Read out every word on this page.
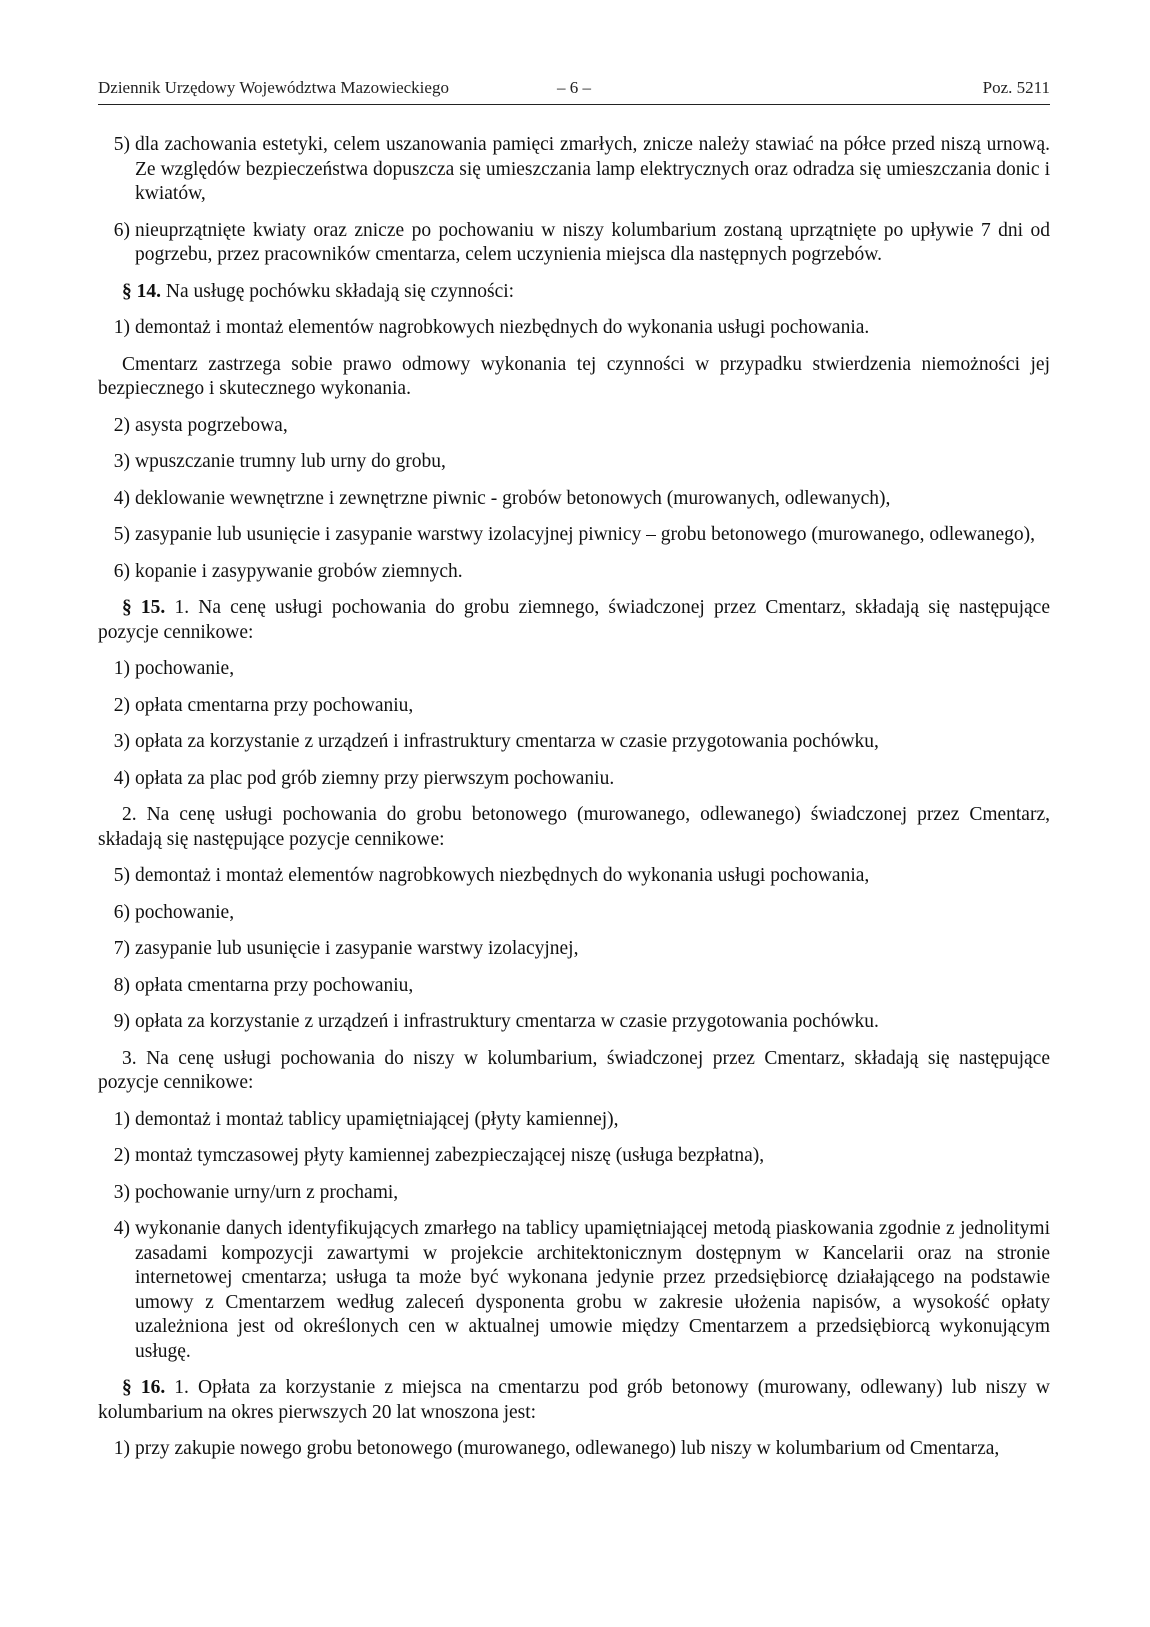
Dziennik Urzędowy Województwa Mazowieckiego	– 6 –	Poz. 5211
5) dla zachowania estetyki, celem uszanowania pamięci zmarłych, znicze należy stawiać na półce przed niszą urnową. Ze względów bezpieczeństwa dopuszcza się umieszczania lamp elektrycznych oraz odradza się umieszczania donic i kwiatów,
6) nieuprzątnięte kwiaty oraz znicze po pochowaniu w niszy kolumbarium zostaną uprzątnięte po upływie 7 dni od pogrzebu, przez pracowników cmentarza, celem uczynienia miejsca dla następnych pogrzebów.

§ 14. Na usługę pochówku składają się czynności:

1) demontaż i montaż elementów nagrobkowych niezbędnych do wykonania usługi pochowania.

Cmentarz zastrzega sobie prawo odmowy wykonania tej czynności w przypadku stwierdzenia niemożności jej bezpiecznego i skutecznego wykonania.

2) asysta pogrzebowa,
3) wpuszczanie trumny lub urny do grobu,
4) deklowanie wewnętrzne i zewnętrzne piwnic - grobów betonowych (murowanych, odlewanych),
5) zasypanie lub usunięcie i zasypanie warstwy izolacyjnej piwnicy – grobu betonowego (murowanego, odlewanego),
6) kopanie i zasypywanie grobów ziemnych.

§ 15. 1. Na cenę usługi pochowania do grobu ziemnego, świadczonej przez Cmentarz, składają się następujące pozycje cennikowe:

1) pochowanie,
2) opłata cmentarna przy pochowaniu,
3) opłata za korzystanie z urządzeń i infrastruktury cmentarza w czasie przygotowania pochówku,
4) opłata za plac pod grób ziemny przy pierwszym pochowaniu.

2. Na cenę usługi pochowania do grobu betonowego (murowanego, odlewanego) świadczonej przez Cmentarz, składają się następujące pozycje cennikowe:

5) demontaż i montaż elementów nagrobkowych niezbędnych do wykonania usługi pochowania,
6) pochowanie,
7) zasypanie lub usunięcie i zasypanie warstwy izolacyjnej,
8) opłata cmentarna przy pochowaniu,
9) opłata za korzystanie z urządzeń i infrastruktury cmentarza w czasie przygotowania pochówku.

3. Na cenę usługi pochowania do niszy w kolumbarium, świadczonej przez Cmentarz, składają się następujące pozycje cennikowe:

1) demontaż i montaż tablicy upamiętniającej (płyty kamiennej),
2) montaż tymczasowej płyty kamiennej zabezpieczającej niszę (usługa bezpłatna),
3) pochowanie urny/urn z prochami,
4) wykonanie danych identyfikujących zmarłego na tablicy upamiętniającej metodą piaskowania zgodnie z jednolitymi zasadami kompozycji zawartymi w projekcie architektonicznym dostępnym w Kancelarii oraz na stronie internetowej cmentarza; usługa ta może być wykonana jedynie przez przedsiębiorcę działającego na podstawie umowy z Cmentarzem według zaleceń dysponenta grobu w zakresie ułożenia napisów, a wysokość opłaty uzależniona jest od określonych cen w aktualnej umowie między Cmentarzem a przedsiębiorcą wykonującym usługę.

§ 16. 1. Opłata za korzystanie z miejsca na cmentarzu pod grób betonowy (murowany, odlewany) lub niszy w kolumbarium na okres pierwszych 20 lat wnoszona jest:

1) przy zakupie nowego grobu betonowego (murowanego, odlewanego) lub niszy w kolumbarium od Cmentarza,
